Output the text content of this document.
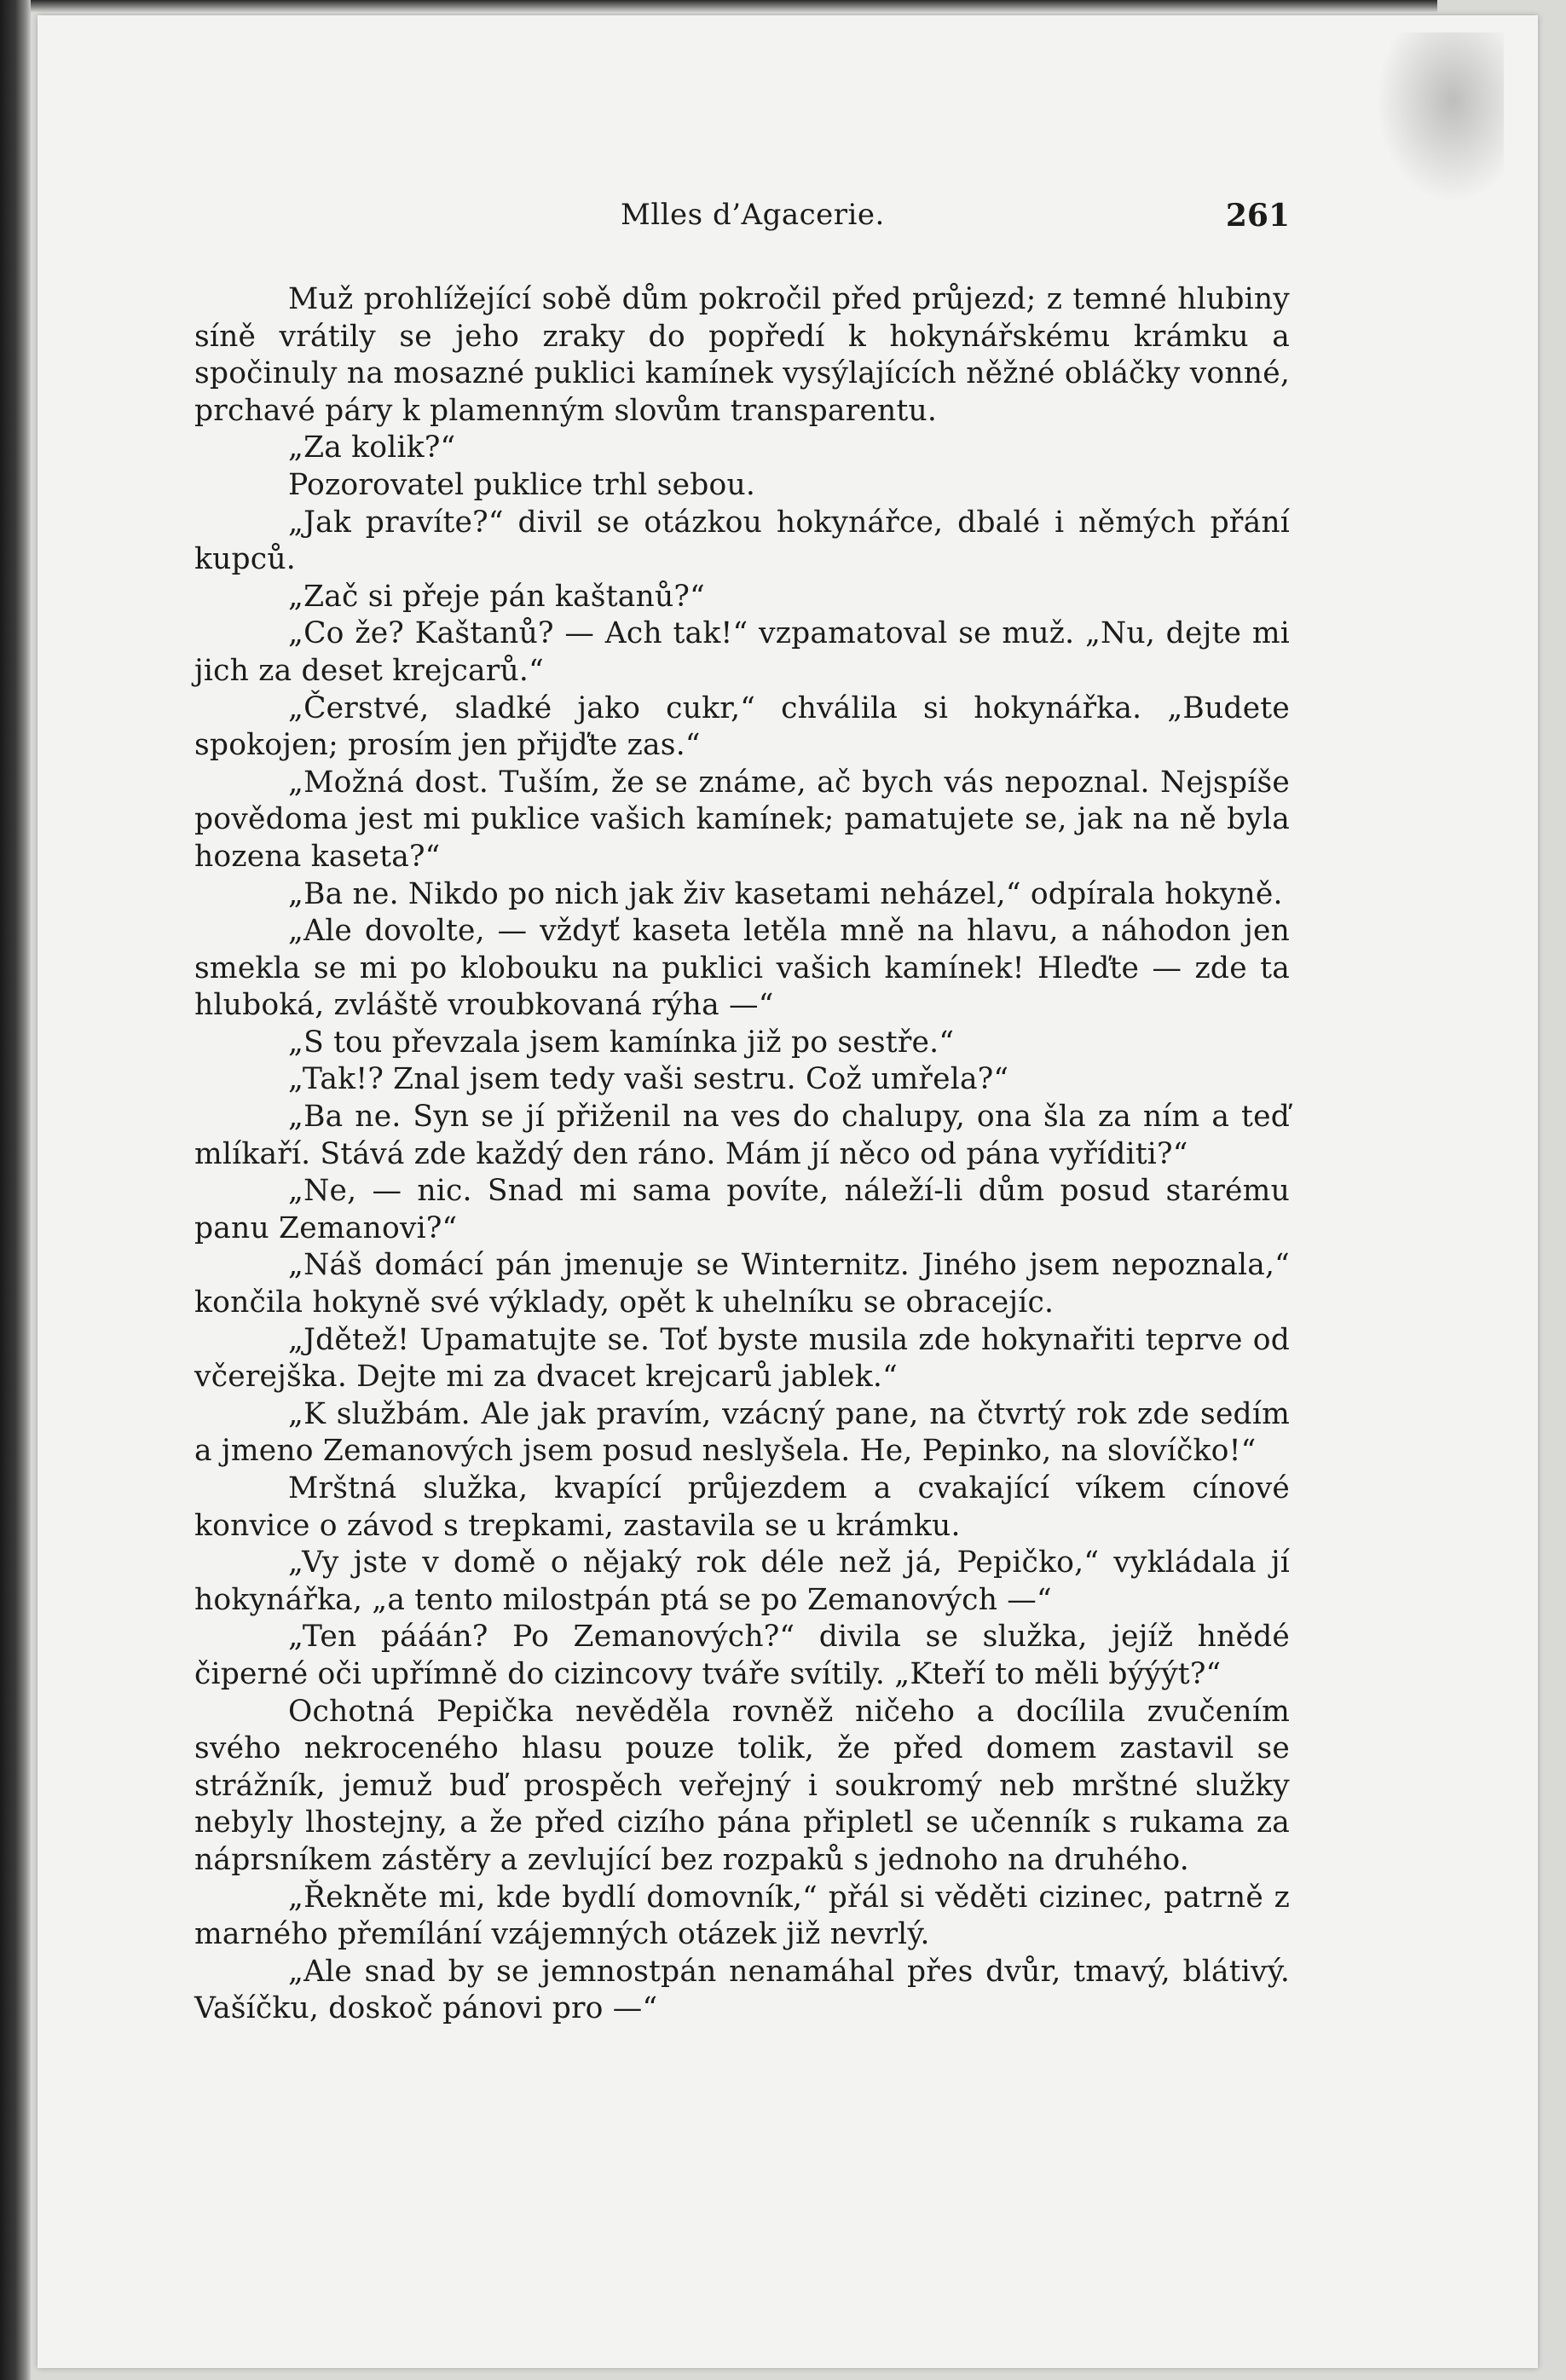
Mlles d’Agacerie.	261

Muž prohlížející sobě dům pokročil před průjezd; z temné hlubiny síně vrátily se jeho zraky do popředí k hokynářskému krámku a spočinuly na mosazné puklici kamínek vysýlajících něžné obláčky vonné, prchavé páry k plamenným slovům transparentu.

„Za kolik?“

Pozorovatel puklice trhl sebou.

„Jak pravíte?“ divil se otázkou hokynářce, dbalé i němých přání kupců.

„Zač si přeje pán kaštanů?“

„Co že? Kaštanů? — Ach tak!“ vzpamatoval se muž. „Nu, dejte mi jich za deset krejcarů.“

„Čerstvé, sladké jako cukr,“ chválila si hokynářka. „Budete spokojen; prosím jen přijďte zas.“

„Možná dost. Tuším, že se známe, ač bych vás nepoznal. Nejspíše povědoma jest mi puklice vašich kamínek; pamatujete se, jak na ně byla hozena kaseta?“

„Ba ne. Nikdo po nich jak živ kasetami neházel,“ odpírala hokyně.

„Ale dovolte, — vždyť kaseta letěla mně na hlavu, a náhodon jen smekla se mi po klobouku na puklici vašich kamínek! Hleďte — zde ta hluboká, zvláště vroubkovaná rýha —“

„S tou převzala jsem kamínka již po sestře.“

„Tak!? Znal jsem tedy vaši sestru. Což umřela?“

„Ba ne. Syn se jí přiženil na ves do chalupy, ona šla za ním a teď mlíkaří. Stává zde každý den ráno. Mám jí něco od pána vyříditi?“

„Ne, — nic. Snad mi sama povíte, náleží-li dům posud starému panu Zemanovi?“

„Náš domácí pán jmenuje se Winternitz. Jiného jsem nepoznala,“ končila hokyně své výklady, opět k uhelníku se obracejíc.

„Jdětež! Upamatujte se. Toť byste musila zde hokynařiti teprve od včerejška. Dejte mi za dvacet krejcarů jablek.“

„K službám. Ale jak pravím, vzácný pane, na čtvrtý rok zde sedím a jmeno Zemanových jsem posud neslyšela. He, Pepinko, na slovíčko!“

Mrštná služka, kvapící průjezdem a cvakající víkem cínové konvice o závod s trepkami, zastavila se u krámku.

„Vy jste v domě o nějaký rok déle než já, Pepičko,“ vykládala jí hokynářka, „a tento milostpán ptá se po Zemanových —“

„Ten pááán? Po Zemanových?“ divila se služka, jejíž hnědé čiperné oči upřímně do cizincovy tváře svítily. „Kteří to měli býýýt?“

Ochotná Pepička nevěděla rovněž ničeho a docílila zvučením svého nekroceného hlasu pouze tolik, že před domem zastavil se strážník, jemuž buď prospěch veřejný i soukromý neb mrštné služky nebyly lhostejny, a že před cizího pána připletl se učenník s rukama za náprsníkem zástěry a zevlující bez rozpaků s jednoho na druhého.

„Řekněte mi, kde bydlí domovník,“ přál si věděti cizinec, patrně z marného přemílání vzájemných otázek již nevrlý.

„Ale snad by se jemnostpán nenamáhal přes dvůr, tmavý, blátivý. Vašíčku, doskoč pánovi pro —“
